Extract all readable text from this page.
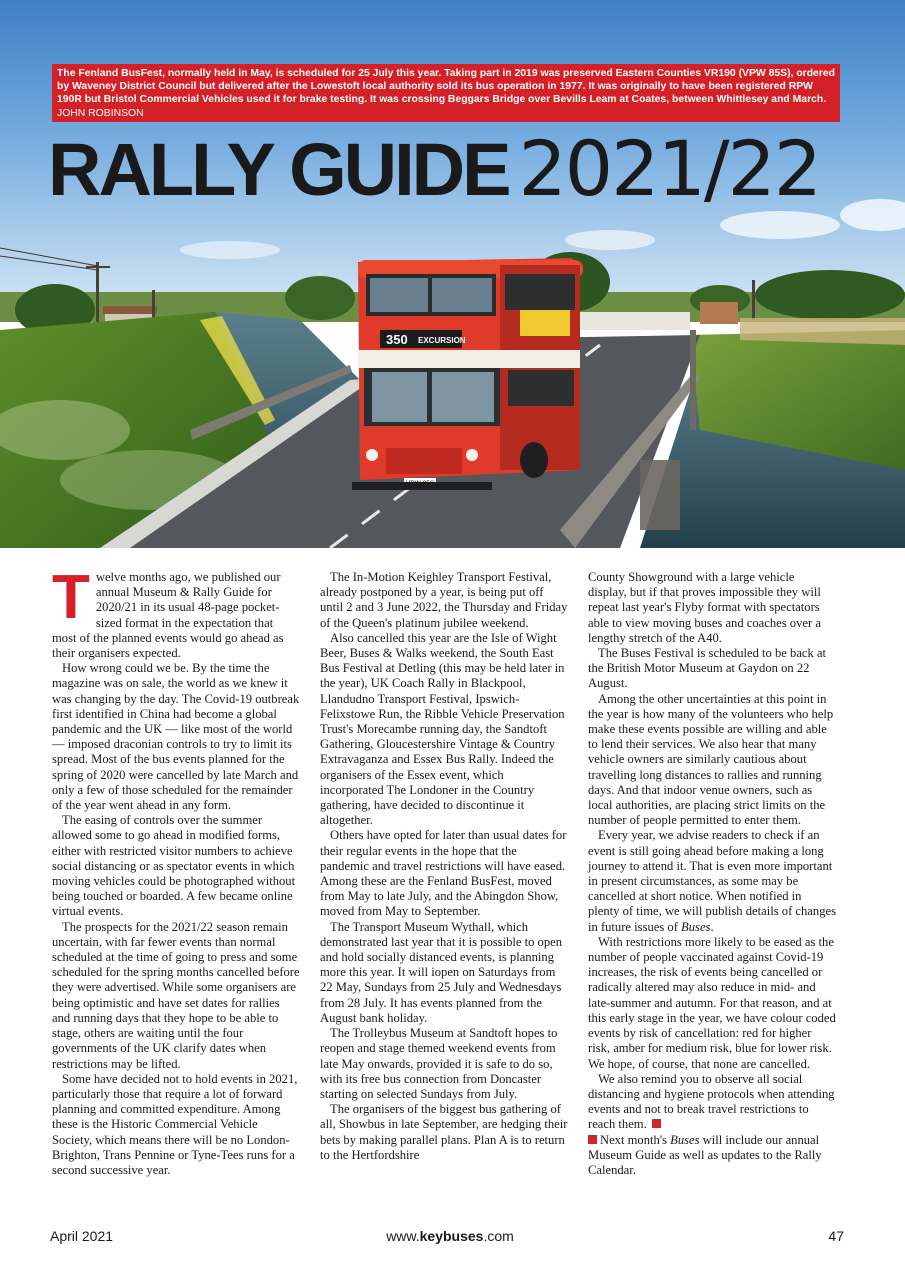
350 EXCURSION
The Fenland BusFest, normally held in May, is scheduled for 25 July this year. Taking part in 2019 was preserved Eastern Counties VR190 (VPW 85S), ordered by Waveney District Council but delivered after the Lowestoft local authority sold its bus operation in 1977. It was originally to have been registered RPW 190R but Bristol Commercial Vehicles used it for brake testing. It was crossing Beggars Bridge over Bevills Leam at Coates, between Whittlesey and March. JOHN ROBINSON
RALLY GUIDE 2021/22

Twelve months ago, we published our annual Museum & Rally Guide for 2020/21 in its usual 48-page pocket-sized format in the expectation that most of the planned events would go ahead as their organisers expected.

How wrong could we be. By the time the magazine was on sale, the world as we knew it was changing by the day. The Covid-19 outbreak first identified in China had become a global pandemic and the UK — like most of the world — imposed draconian controls to try to limit its spread. Most of the bus events planned for the spring of 2020 were cancelled by late March and only a few of those scheduled for the remainder of the year went ahead in any form.

The easing of controls over the summer allowed some to go ahead in modified forms, either with restricted visitor numbers to achieve social distancing or as spectator events in which moving vehicles could be photographed without being touched or boarded. A few became online virtual events.

The prospects for the 2021/22 season remain uncertain, with far fewer events than normal scheduled at the time of going to press and some scheduled for the spring months cancelled before they were advertised. While some organisers are being optimistic and have set dates for rallies and running days that they hope to be able to stage, others are waiting until the four governments of the UK clarify dates when restrictions may be lifted.

Some have decided not to hold events in 2021, particularly those that require a lot of forward planning and committed expenditure. Among these is the Historic Commercial Vehicle Society, which means there will be no London-Brighton, Trans Pennine or Tyne-Tees runs for a second successive year.

The In-Motion Keighley Transport Festival, already postponed by a year, is being put off until 2 and 3 June 2022, the Thursday and Friday of the Queen's platinum jubilee weekend.

Also cancelled this year are the Isle of Wight Beer, Buses & Walks weekend, the South East Bus Festival at Detling (this may be held later in the year), UK Coach Rally in Blackpool, Llandudno Transport Festival, Ipswich-Felixstowe Run, the Ribble Vehicle Preservation Trust's Morecambe running day, the Sandtoft Gathering, Gloucestershire Vintage & Country Extravaganza and Essex Bus Rally. Indeed the organisers of the Essex event, which incorporated The Londoner in the Country gathering, have decided to discontinue it altogether.

Others have opted for later than usual dates for their regular events in the hope that the pandemic and travel restrictions will have eased. Among these are the Fenland BusFest, moved from May to late July, and the Abingdon Show, moved from May to September.

The Transport Museum Wythall, which demonstrated last year that it is possible to open and hold socially distanced events, is planning more this year. It will iopen on Saturdays from 22 May, Sundays from 25 July and Wednesdays from 28 July. It has events planned from the August bank holiday.

The Trolleybus Museum at Sandtoft hopes to reopen and stage themed weekend events from late May onwards, provided it is safe to do so, with its free bus connection from Doncaster starting on selected Sundays from July.

The organisers of the biggest bus gathering of all, Showbus in late September, are hedging their bets by making parallel plans. Plan A is to return to the Hertfordshire

County Showground with a large vehicle display, but if that proves impossible they will repeat last year's Flyby format with spectators able to view moving buses and coaches over a lengthy stretch of the A40.

The Buses Festival is scheduled to be back at the British Motor Museum at Gaydon on 22 August.

Among the other uncertainties at this point in the year is how many of the volunteers who help make these events possible are willing and able to lend their services. We also hear that many vehicle owners are similarly cautious about travelling long distances to rallies and running days. And that indoor venue owners, such as local authorities, are placing strict limits on the number of people permitted to enter them.

Every year, we advise readers to check if an event is still going ahead before making a long journey to attend it. That is even more important in present circumstances, as some may be cancelled at short notice. When notified in plenty of time, we will publish details of changes in future issues of Buses.

With restrictions more likely to be eased as the number of people vaccinated against Covid-19 increases, the risk of events being cancelled or radically altered may also reduce in mid- and late-summer and autumn. For that reason, and at this early stage in the year, we have colour coded events by risk of cancellation: red for higher risk, amber for medium risk, blue for lower risk. We hope, of course, that none are cancelled.

We also remind you to observe all social distancing and hygiene protocols when attending events and not to break travel restrictions to reach them.

Next month's Buses will include our annual Museum Guide as well as updates to the Rally Calendar.

April 2021	www.keybuses.com	47
